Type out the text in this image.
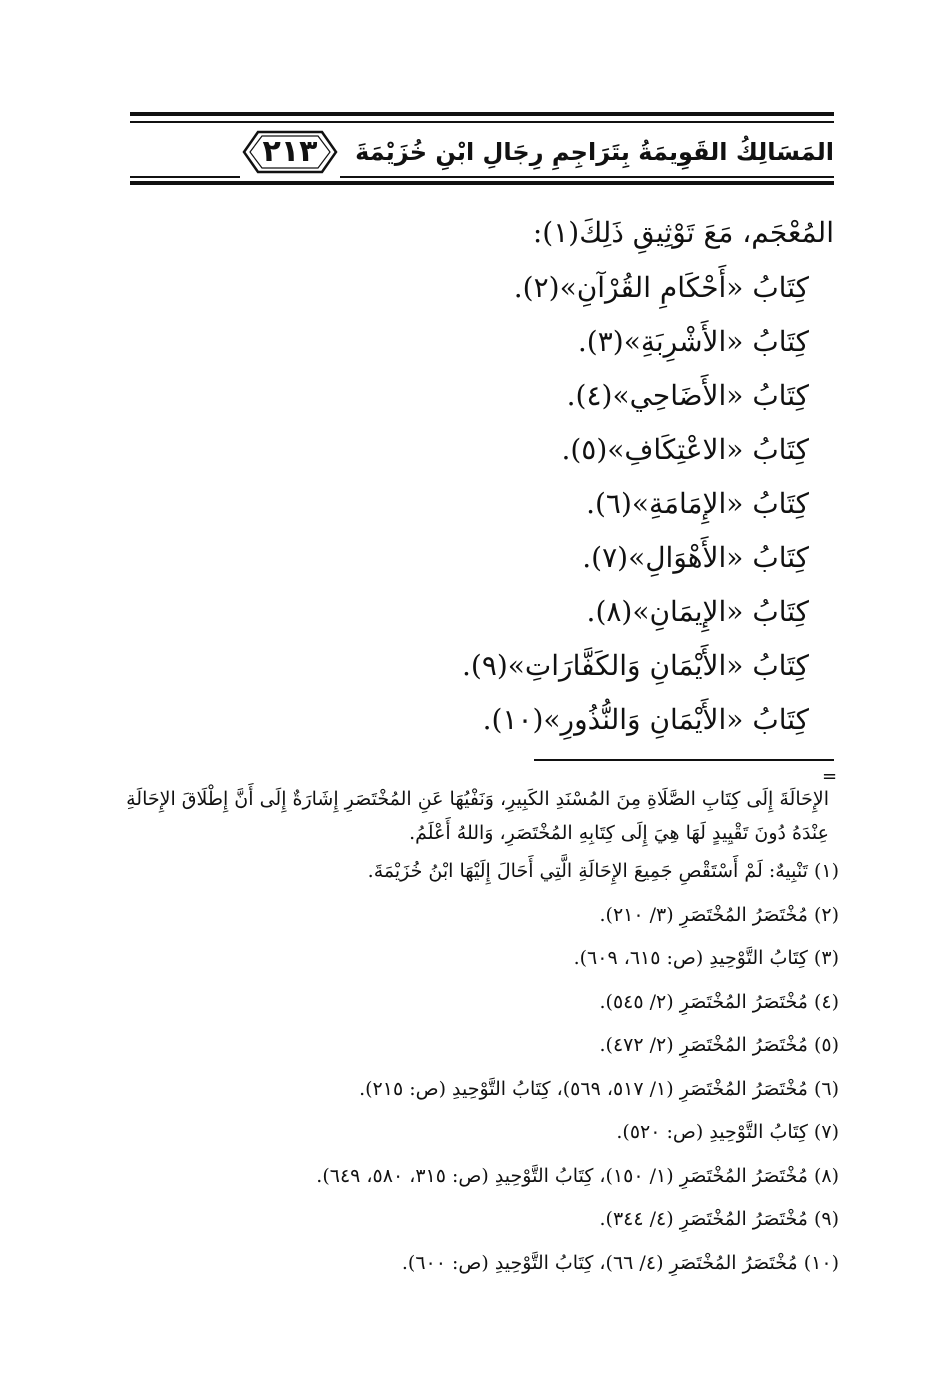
٢١٣	المَسَالِكُ القَوِيمَةُ بِتَرَاجِمِ رِجَالِ ابْنِ خُزَيْمَةَ
المُعْجَم، مَعَ تَوْثِيقِ ذَلِكَ(١):
كِتَابُ «أَحْكَامِ القُرْآنِ»(٢).
كِتَابُ «الأَشْرِبَةِ»(٣).
كِتَابُ «الأَضَاحِي»(٤).
كِتَابُ «الاعْتِكَافِ»(٥).
كِتَابُ «الإِمَامَةِ»(٦).
كِتَابُ «الأَهْوَالِ»(٧).
كِتَابُ «الإِيمَانِ»(٨).
كِتَابُ «الأَيْمَانِ وَالكَفَّارَاتِ»(٩).
كِتَابُ «الأَيْمَانِ وَالنُّذُورِ»(١٠).
=
الإِحَالَةَ إِلَى كِتَابِ الصَّلَاةِ مِنَ المُسْنَدِ الكَبِيرِ، وَنَفْيُهَا عَنِ المُخْتَصَرِ إِشَارَةٌ إِلَى أَنَّ إِطْلَاقَ الإِحَالَةِ عِنْدَهُ دُونَ تَقْيِيدٍ لَهَا هِيَ إِلَى كِتَابِهِ المُخْتَصَرِ، وَاللهُ أَعْلَمُ.
(١) تَنْبِيهٌ: لَمْ أَسْتَقْصِ جَمِيعَ الإِحَالَةِ الَّتِي أَحَالَ إِلَيْهَا ابْنُ خُزَيْمَةَ.
(٢) مُخْتَصَرُ المُخْتَصَرِ (٣/ ٢١٠).
(٣) كِتَابُ التَّوْحِيدِ (ص: ٦١٥، ٦٠٩).
(٤) مُخْتَصَرُ المُخْتَصَرِ (٢/ ٥٤٥).
(٥) مُخْتَصَرُ المُخْتَصَرِ (٢/ ٤٧٢).
(٦) مُخْتَصَرُ المُخْتَصَرِ (١/ ٥١٧، ٥٦٩)، كِتَابُ التَّوْحِيدِ (ص: ٢١٥).
(٧) كِتَابُ التَّوْحِيدِ (ص: ٥٢٠).
(٨) مُخْتَصَرُ المُخْتَصَرِ (١/ ١٥٠)، كِتَابُ التَّوْحِيدِ (ص: ٣١٥، ٥٨٠، ٦٤٩).
(٩) مُخْتَصَرُ المُخْتَصَرِ (٤/ ٣٤٤).
(١٠) مُخْتَصَرُ المُخْتَصَرِ (٤/ ٦٦)، كِتَابُ التَّوْحِيدِ (ص: ٦٠٠).
